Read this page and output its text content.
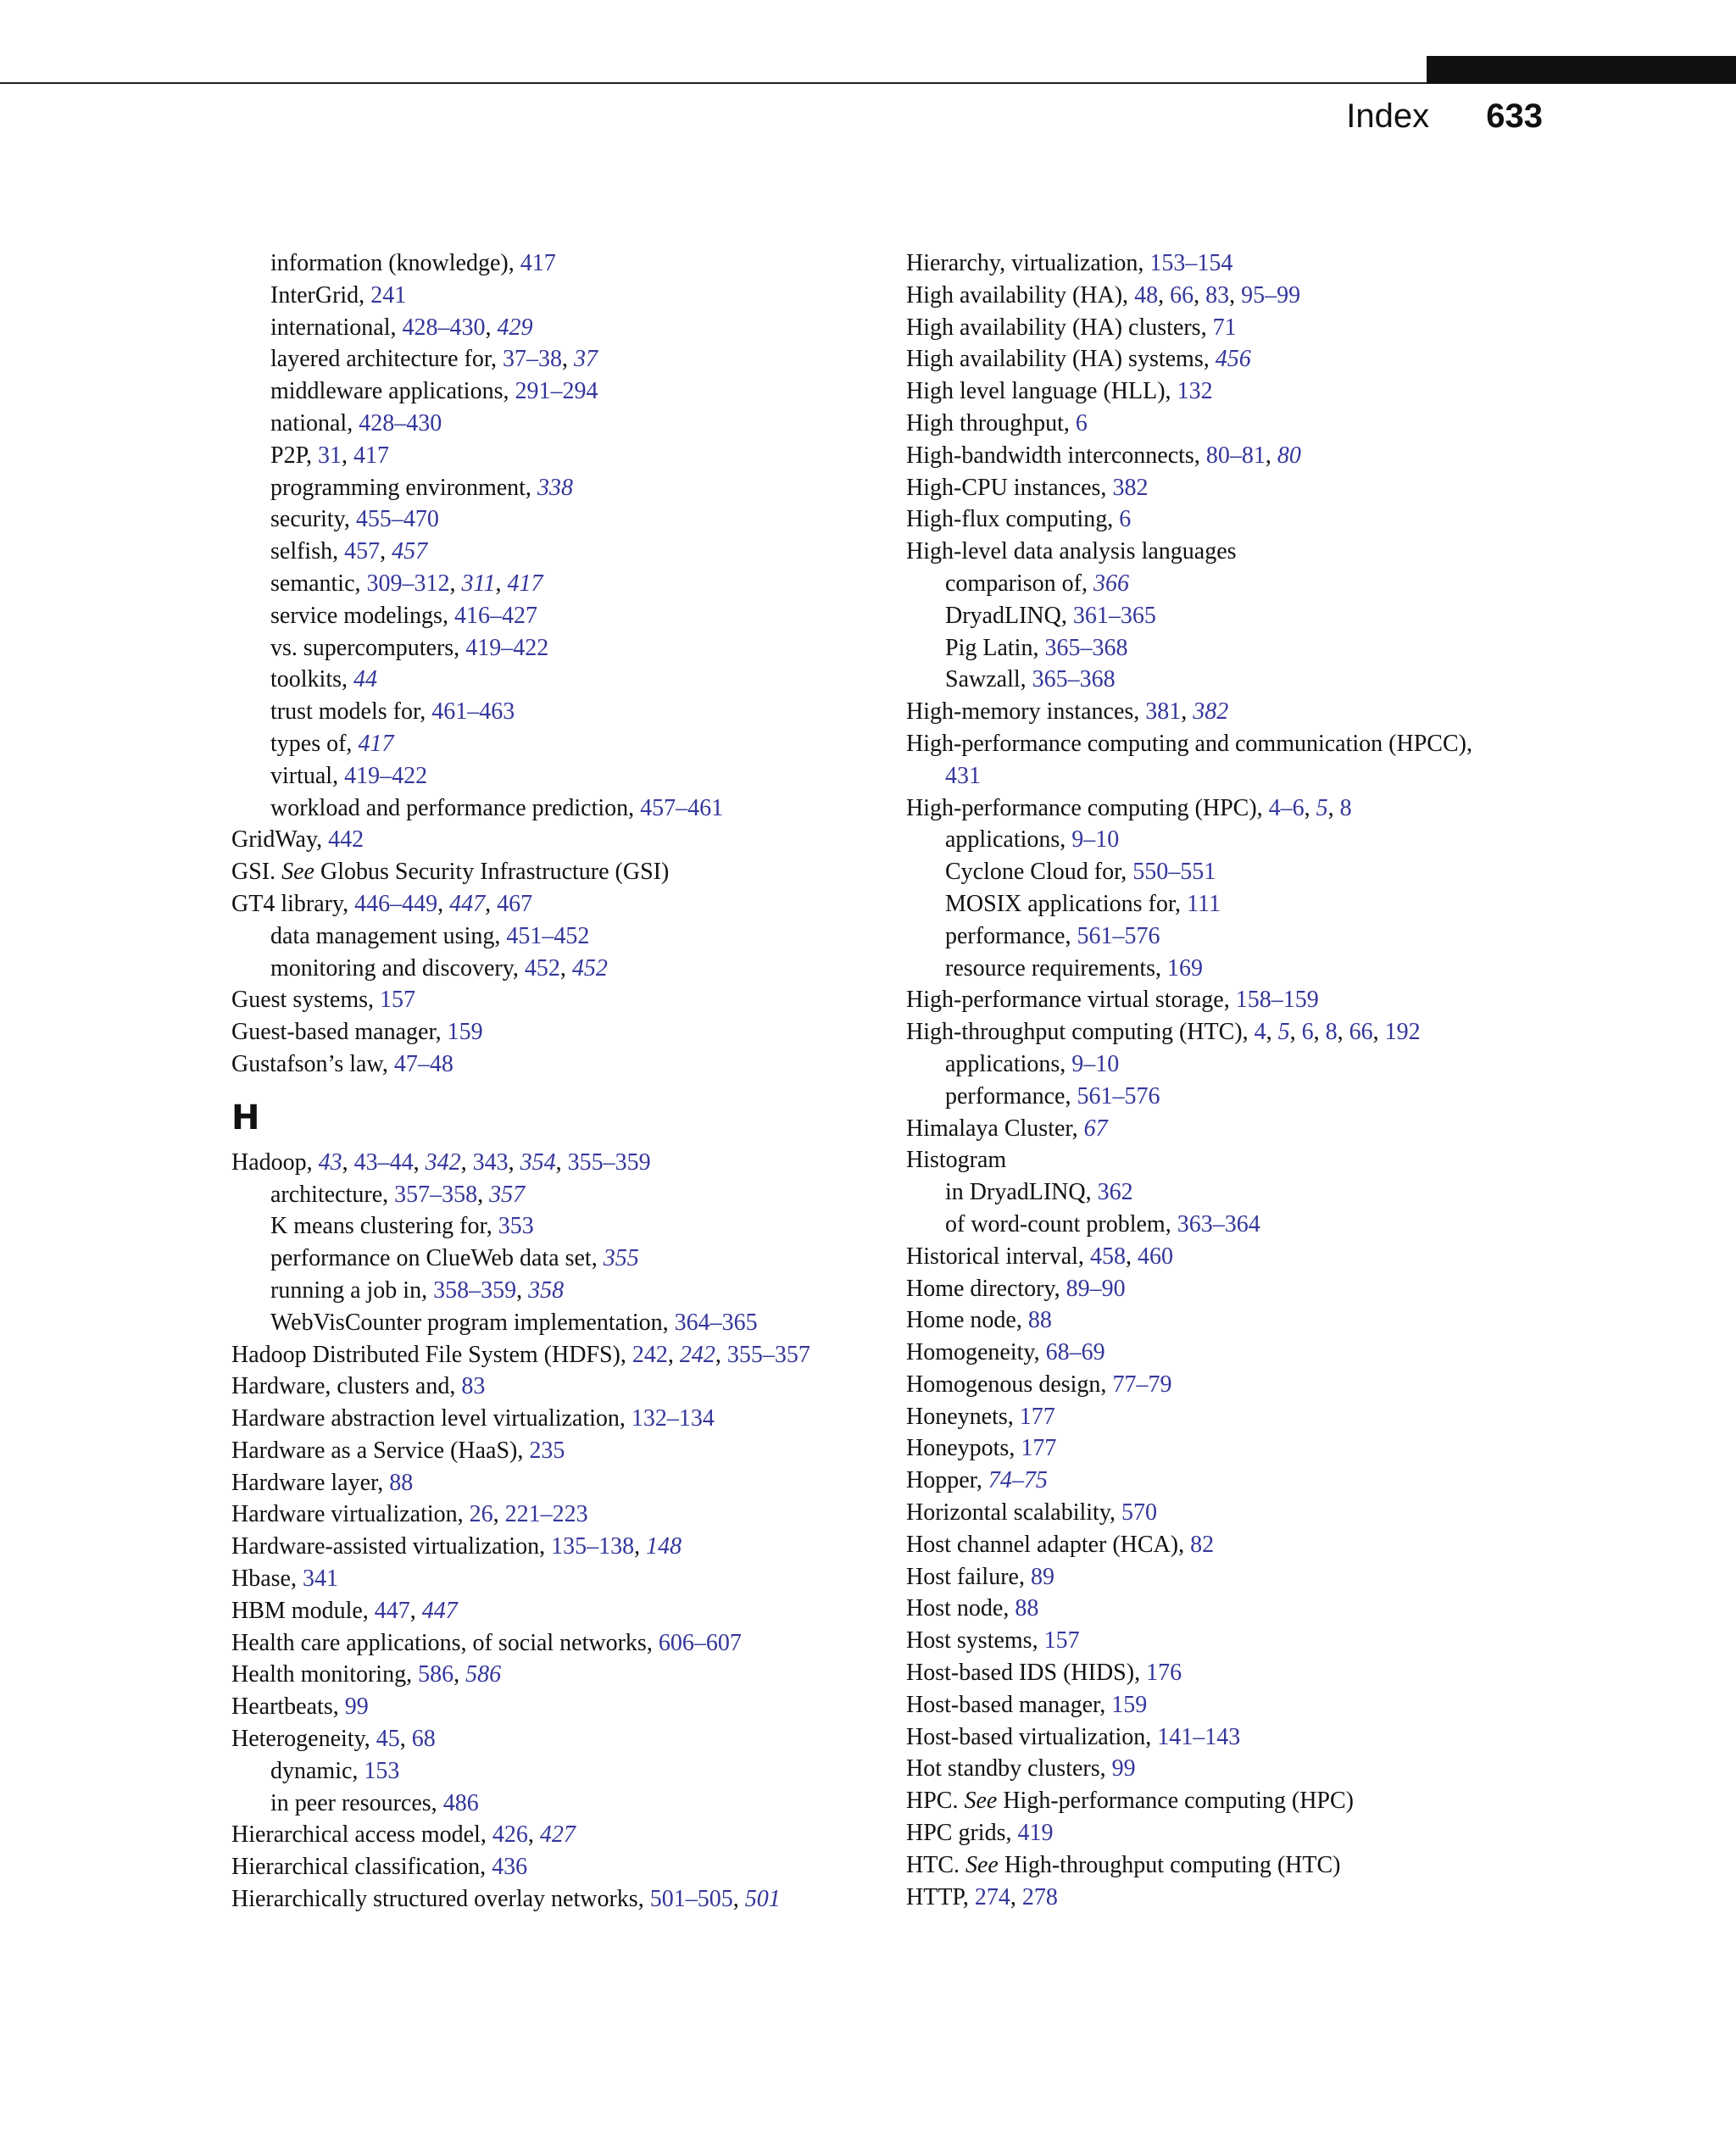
Index 633
information (knowledge), 417
InterGrid, 241
international, 428–430, 429
layered architecture for, 37–38, 37
middleware applications, 291–294
national, 428–430
P2P, 31, 417
programming environment, 338
security, 455–470
selfish, 457, 457
semantic, 309–312, 311, 417
service modelings, 416–427
vs. supercomputers, 419–422
toolkits, 44
trust models for, 461–463
types of, 417
virtual, 419–422
workload and performance prediction, 457–461
GridWay, 442
GSI. See Globus Security Infrastructure (GSI)
GT4 library, 446–449, 447, 467
data management using, 451–452
monitoring and discovery, 452, 452
Guest systems, 157
Guest-based manager, 159
Gustafson’s law, 47–48
H
Hadoop, 43, 43–44, 342, 343, 354, 355–359
architecture, 357–358, 357
K means clustering for, 353
performance on ClueWeb data set, 355
running a job in, 358–359, 358
WebVisCounter program implementation, 364–365
Hadoop Distributed File System (HDFS), 242, 242, 355–357
Hardware, clusters and, 83
Hardware abstraction level virtualization, 132–134
Hardware as a Service (HaaS), 235
Hardware layer, 88
Hardware virtualization, 26, 221–223
Hardware-assisted virtualization, 135–138, 148
Hbase, 341
HBM module, 447, 447
Health care applications, of social networks, 606–607
Health monitoring, 586, 586
Heartbeats, 99
Heterogeneity, 45, 68
dynamic, 153
in peer resources, 486
Hierarchical access model, 426, 427
Hierarchical classification, 436
Hierarchically structured overlay networks, 501–505, 501
Hierarchy, virtualization, 153–154
High availability (HA), 48, 66, 83, 95–99
High availability (HA) clusters, 71
High availability (HA) systems, 456
High level language (HLL), 132
High throughput, 6
High-bandwidth interconnects, 80–81, 80
High-CPU instances, 382
High-flux computing, 6
High-level data analysis languages
comparison of, 366
DryadLINQ, 361–365
Pig Latin, 365–368
Sawzall, 365–368
High-memory instances, 381, 382
High-performance computing and communication (HPCC),
431
High-performance computing (HPC), 4–6, 5, 8
applications, 9–10
Cyclone Cloud for, 550–551
MOSIX applications for, 111
performance, 561–576
resource requirements, 169
High-performance virtual storage, 158–159
High-throughput computing (HTC), 4, 5, 6, 8, 66, 192
applications, 9–10
performance, 561–576
Himalaya Cluster, 67
Histogram
in DryadLINQ, 362
of word-count problem, 363–364
Historical interval, 458, 460
Home directory, 89–90
Home node, 88
Homogeneity, 68–69
Homogenous design, 77–79
Honeynets, 177
Honeypots, 177
Hopper, 74–75
Horizontal scalability, 570
Host channel adapter (HCA), 82
Host failure, 89
Host node, 88
Host systems, 157
Host-based IDS (HIDS), 176
Host-based manager, 159
Host-based virtualization, 141–143
Hot standby clusters, 99
HPC. See High-performance computing (HPC)
HPC grids, 419
HTC. See High-throughput computing (HTC)
HTTP, 274, 278
